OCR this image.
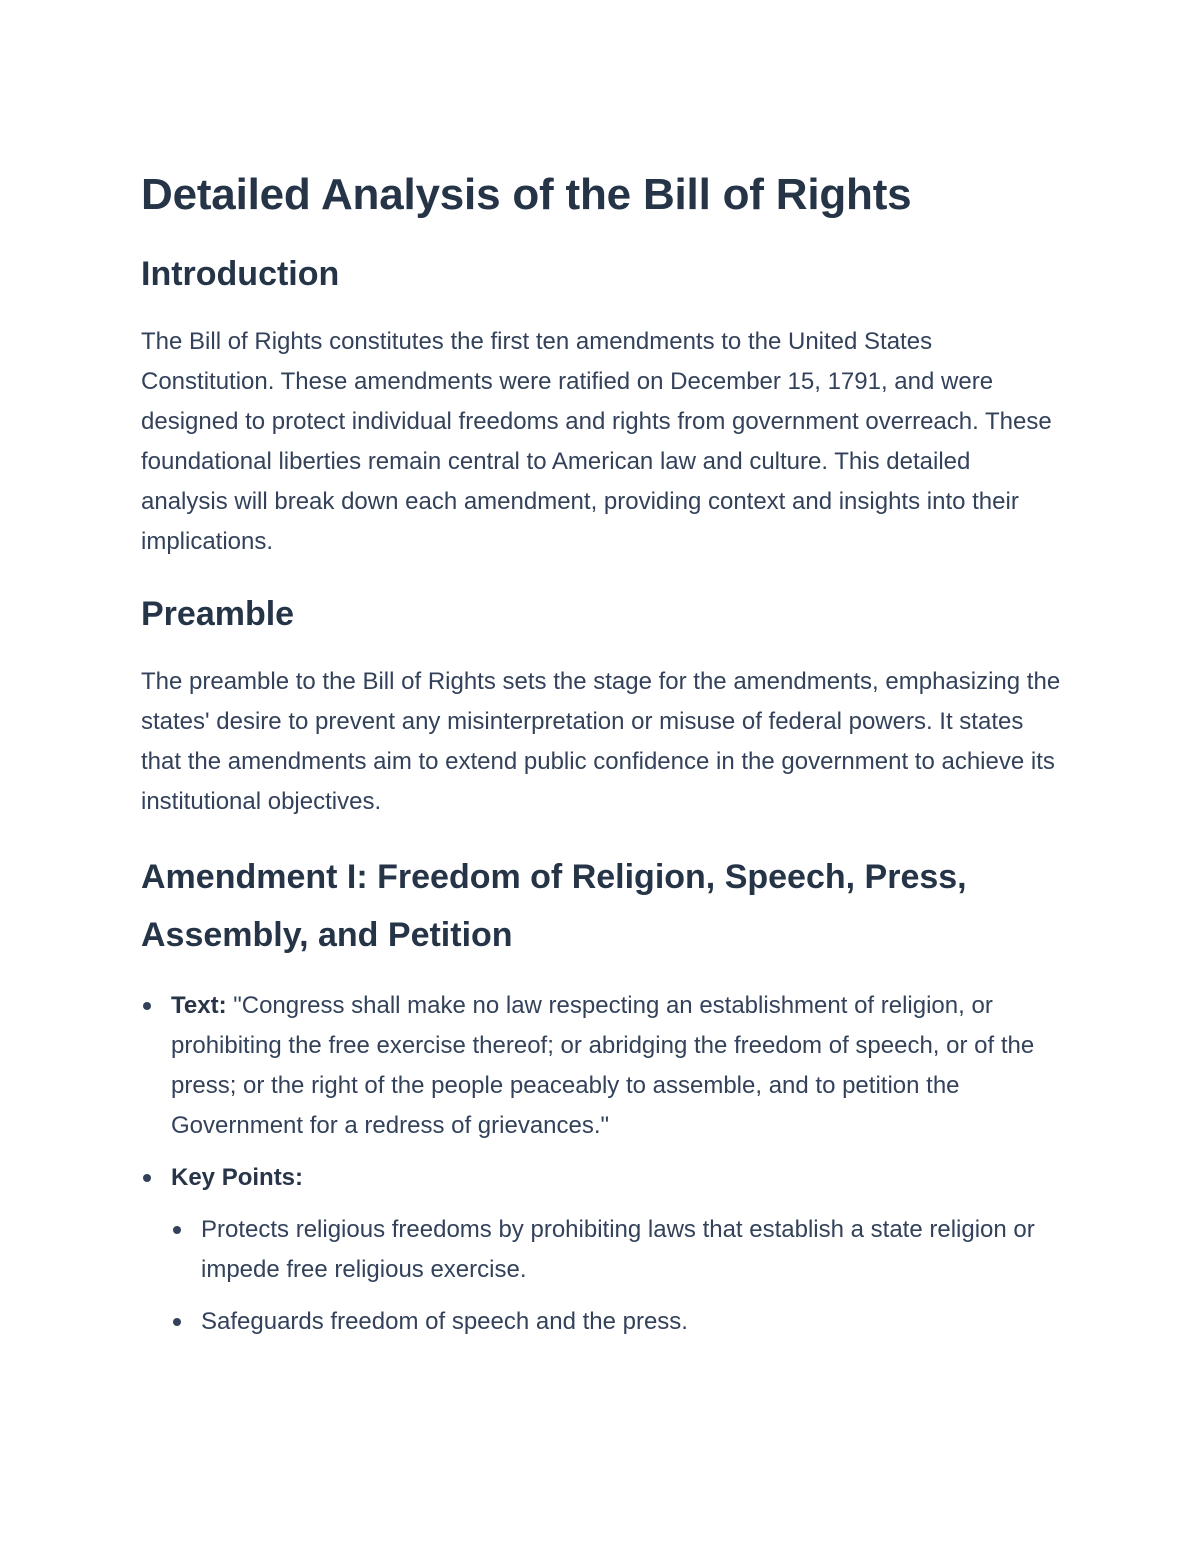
Detailed Analysis of the Bill of Rights
Introduction

The Bill of Rights constitutes the first ten amendments to the United States Constitution. These amendments were ratified on December 15, 1791, and were designed to protect individual freedoms and rights from government overreach. These foundational liberties remain central to American law and culture. This detailed analysis will break down each amendment, providing context and insights into their implications.

Preamble

The preamble to the Bill of Rights sets the stage for the amendments, emphasizing the states' desire to prevent any misinterpretation or misuse of federal powers. It states that the amendments aim to extend public confidence in the government to achieve its institutional objectives.

Amendment I: Freedom of Religion, Speech, Press, Assembly, and Petition
Text: "Congress shall make no law respecting an establishment of religion, or prohibiting the free exercise thereof; or abridging the freedom of speech, or of the press; or the right of the people peaceably to assemble, and to petition the Government for a redress of grievances."
Key Points:
Protects religious freedoms by prohibiting laws that establish a state religion or impede free religious exercise.
Safeguards freedom of speech and the press.
